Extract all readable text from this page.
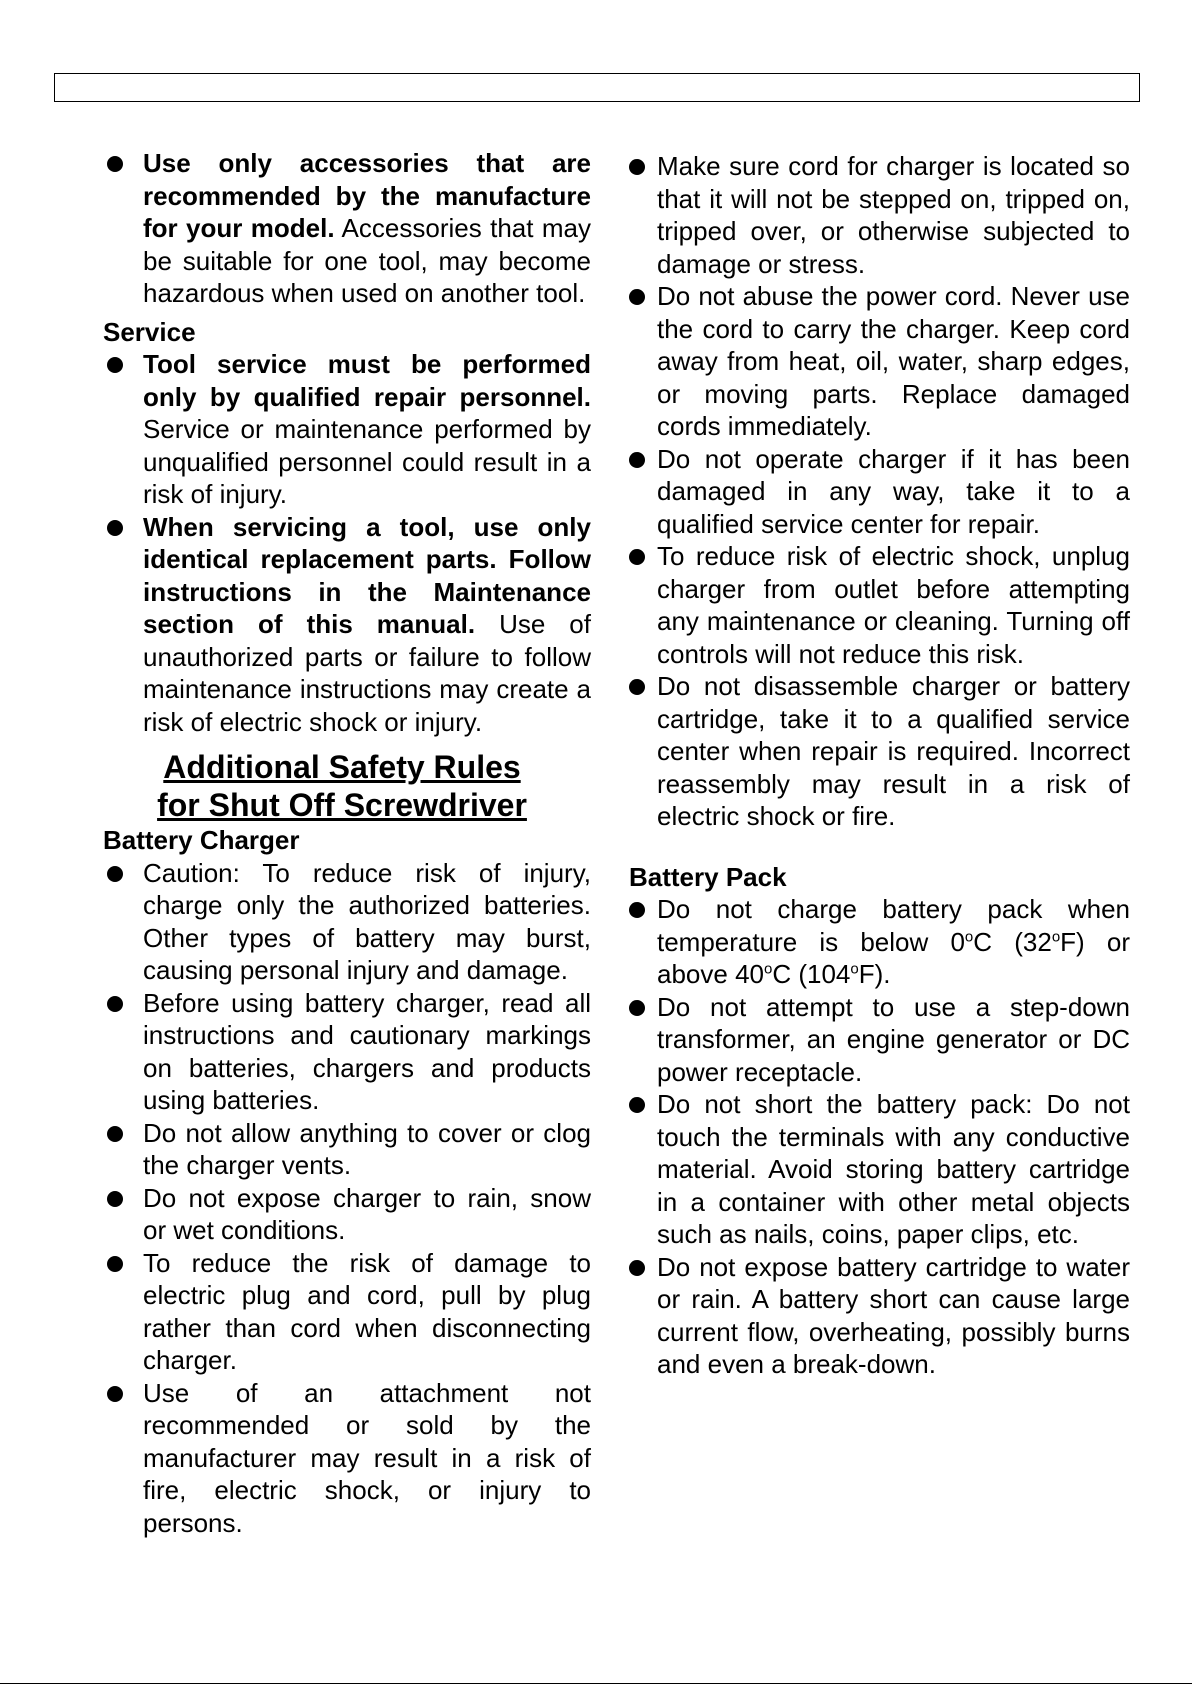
Use only accessories that are recommended by the manufacture for your model. Accessories that may be suitable for one tool, may become hazardous when used on another tool.
Service
Tool service must be performed only by qualified repair personnel. Service or maintenance performed by unqualified personnel could result in a risk of injury.
When servicing a tool, use only identical replacement parts. Follow instructions in the Maintenance section of this manual. Use of unauthorized parts or failure to follow maintenance instructions may create a risk of electric shock or injury.
Additional Safety Rules
for Shut Off Screwdriver
Battery Charger
Caution: To reduce risk of injury, charge only the authorized batteries. Other types of battery may burst, causing personal injury and damage.
Before using battery charger, read all instructions and cautionary markings on batteries, chargers and products using batteries.
Do not allow anything to cover or clog the charger vents.
Do not expose charger to rain, snow or wet conditions.
To reduce the risk of damage to electric plug and cord, pull by plug rather than cord when disconnecting charger.
Use of an attachment not recommended or sold by the manufacturer may result in a risk of fire, electric shock, or injury to persons.
Make sure cord for charger is located so that it will not be stepped on, tripped on, tripped over, or otherwise subjected to damage or stress.
Do not abuse the power cord. Never use the cord to carry the charger. Keep cord away from heat, oil, water, sharp edges, or moving parts. Replace damaged cords immediately.
Do not operate charger if it has been damaged in any way, take it to a qualified service center for repair.
To reduce risk of electric shock, unplug charger from outlet before attempting any maintenance or cleaning. Turning off controls will not reduce this risk.
Do not disassemble charger or battery cartridge, take it to a qualified service center when repair is required. Incorrect reassembly may result in a risk of electric shock or fire.
Battery Pack
Do not charge battery pack when temperature is below 0$^o$C (32$^o$F) or above 40$^o$C (104$^o$F).
Do not attempt to use a step-down transformer, an engine generator or DC power receptacle.
Do not short the battery pack: Do not touch the terminals with any conductive material. Avoid storing battery cartridge in a container with other metal objects such as nails, coins, paper clips, etc.
Do not expose battery cartridge to water or rain. A battery short can cause large current flow, overheating, possibly burns and even a break-down.
